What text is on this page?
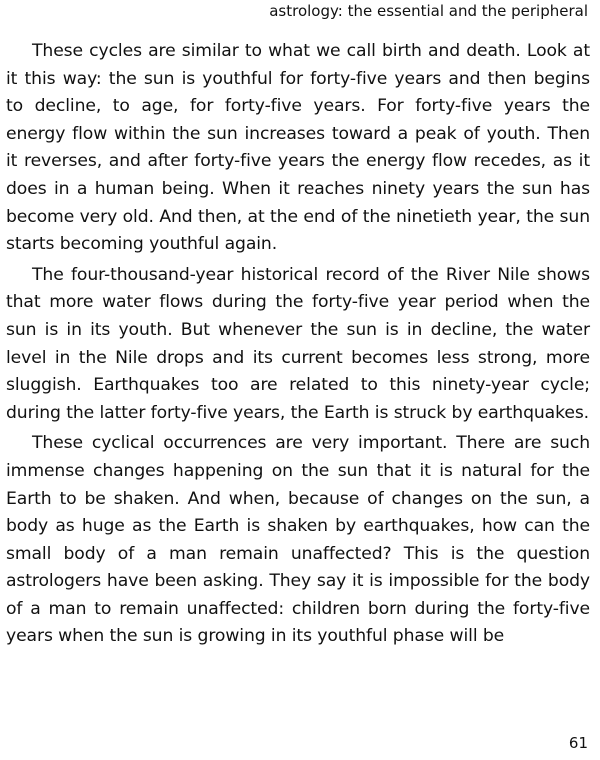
astrology: the essential and the peripheral

These cycles are similar to what we call birth and death. Look at it this way: the sun is youthful for forty-five years and then begins to decline, to age, for forty-five years. For forty-five years the energy flow within the sun increases toward a peak of youth. Then it reverses, and after forty-five years the energy flow recedes, as it does in a human being. When it reaches ninety years the sun has become very old. And then, at the end of the ninetieth year, the sun starts becoming youthful again.

The four-thousand-year historical record of the River Nile shows that more water flows during the forty-five year period when the sun is in its youth. But whenever the sun is in decline, the water level in the Nile drops and its current becomes less strong, more sluggish. Earthquakes too are related to this ninety-year cycle; during the latter forty-five years, the Earth is struck by earthquakes.

These cyclical occurrences are very important. There are such immense changes happening on the sun that it is natural for the Earth to be shaken. And when, because of changes on the sun, a body as huge as the Earth is shaken by earthquakes, how can the small body of a man remain unaffected? This is the question astrologers have been asking. They say it is impossible for the body of a man to remain unaffected: children born during the forty-five years when the sun is growing in its youthful phase will be

61
